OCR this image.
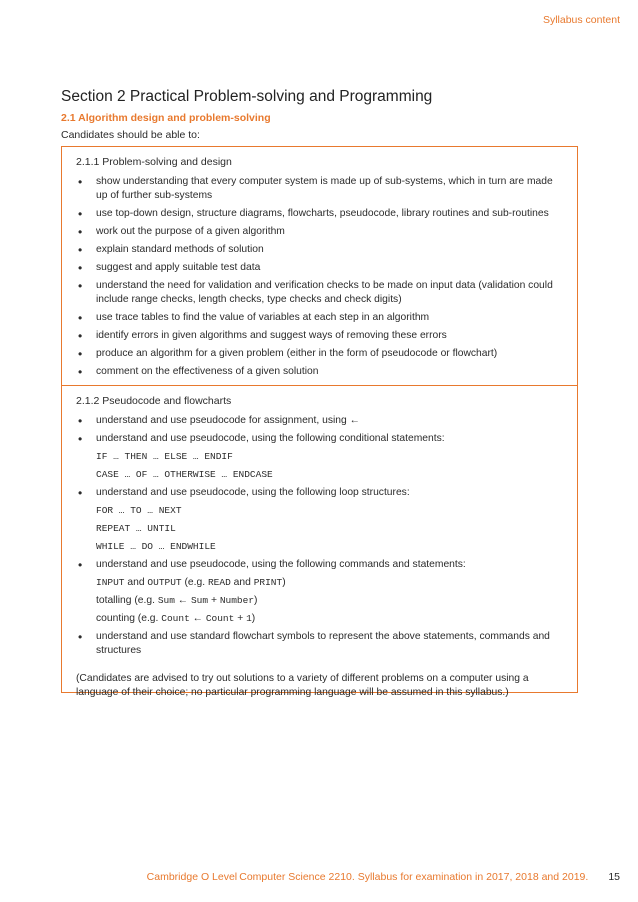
Syllabus content
Section 2 Practical Problem-solving and Programming
2.1 Algorithm design and problem-solving
Candidates should be able to:
2.1.1 Problem-solving and design
• show understanding that every computer system is made up of sub-systems, which in turn are made up of further sub-systems
• use top-down design, structure diagrams, flowcharts, pseudocode, library routines and sub-routines
• work out the purpose of a given algorithm
• explain standard methods of solution
• suggest and apply suitable test data
• understand the need for validation and verification checks to be made on input data (validation could include range checks, length checks, type checks and check digits)
• use trace tables to find the value of variables at each step in an algorithm
• identify errors in given algorithms and suggest ways of removing these errors
• produce an algorithm for a given problem (either in the form of pseudocode or flowchart)
• comment on the effectiveness of a given solution
2.1.2 Pseudocode and flowcharts
• understand and use pseudocode for assignment, using ←
• understand and use pseudocode, using the following conditional statements:
IF … THEN … ELSE … ENDIF
CASE … OF … OTHERWISE … ENDCASE
• understand and use pseudocode, using the following loop structures:
FOR … TO … NEXT
REPEAT … UNTIL
WHILE … DO … ENDWHILE
• understand and use pseudocode, using the following commands and statements:
INPUT and OUTPUT (e.g. READ and PRINT)
totalling (e.g. Sum ← Sum + Number)
counting (e.g. Count ← Count + 1)
• understand and use standard flowchart symbols to represent the above statements, commands and structures
(Candidates are advised to try out solutions to a variety of different problems on a computer using a language of their choice; no particular programming language will be assumed in this syllabus.)
Cambridge O Level Computer Science 2210. Syllabus for examination in 2017, 2018 and 2019. 15
